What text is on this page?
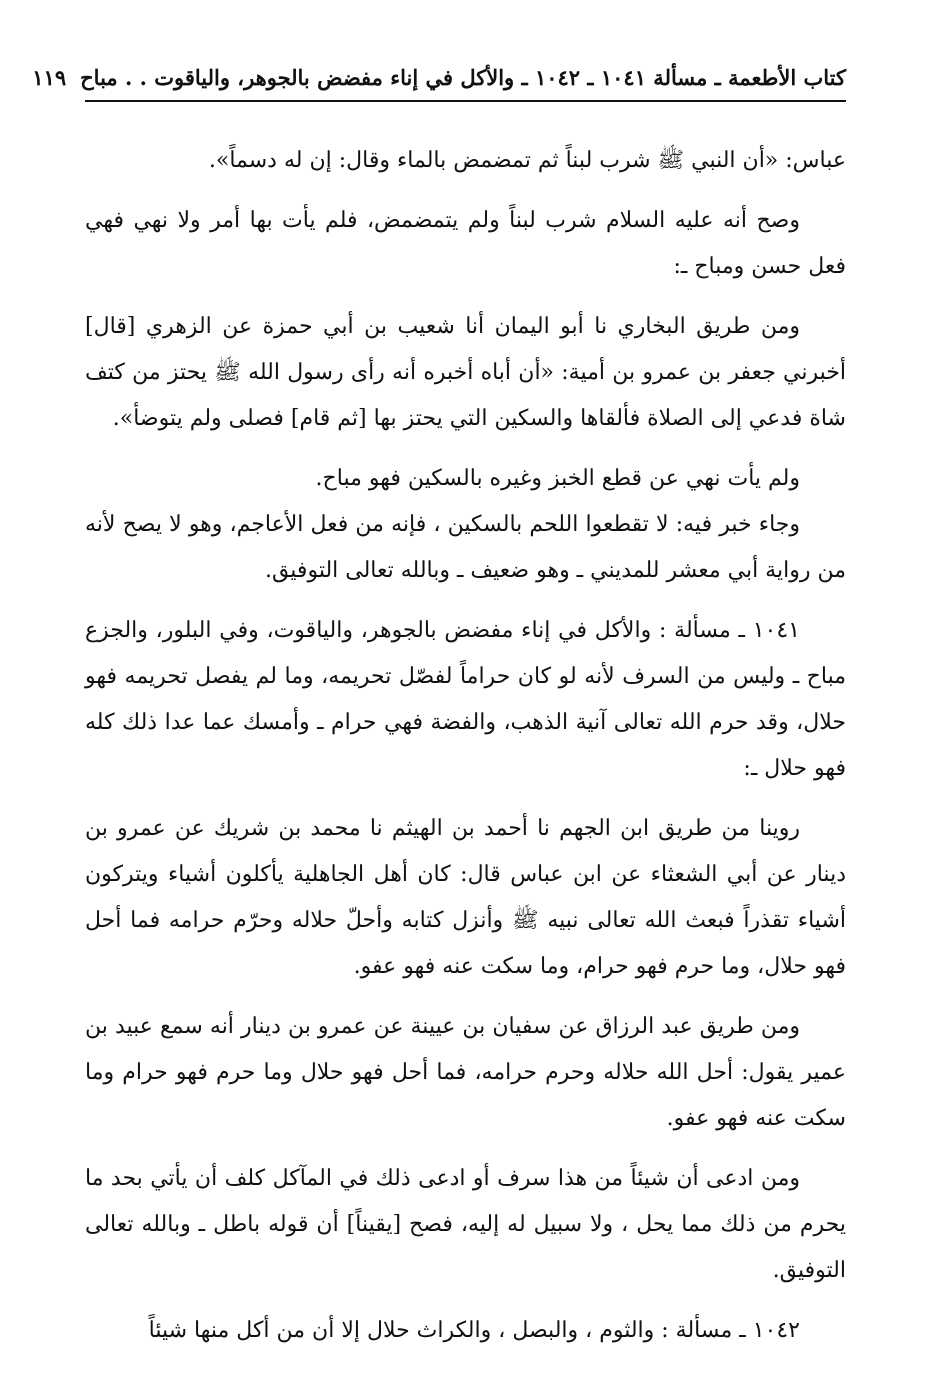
كتاب الأطعمة ـ مسألة ١٠٤١ ـ ١٠٤٢ ـ والأكل في إناء مفضض بالجوهر، والياقوت . . مباح
١١٩

عباس: «أن النبي ﷺ شرب لبناً ثم تمضمض بالماء وقال: إن له دسماً».

وصح أنه عليه السلام شرب لبناً ولم يتمضمض، فلم يأت بها أمر ولا نهي فهي فعل حسن ومباح ـ:

ومن طريق البخاري نا أبو اليمان أنا شعيب بن أبي حمزة عن الزهري [قال] أخبرني جعفر بن عمرو بن أمية: «أن أباه أخبره أنه رأى رسول الله ﷺ يحتز من كتف شاة فدعي إلى الصلاة فألقاها والسكين التي يحتز بها [ثم قام] فصلى ولم يتوضأ».

ولم يأت نهي عن قطع الخبز وغيره بالسكين فهو مباح.

وجاء خبر فيه: لا تقطعوا اللحم بالسكين ، فإنه من فعل الأعاجم، وهو لا يصح لأنه من رواية أبي معشر للمديني ـ وهو ضعيف ـ وبالله تعالى التوفيق.

١٠٤١ ـ مسألة : والأكل في إناء مفضض بالجوهر، والياقوت، وفي البلور، والجزع مباح ـ وليس من السرف لأنه لو كان حراماً لفصّل تحريمه، وما لم يفصل تحريمه فهو حلال، وقد حرم الله تعالى آنية الذهب، والفضة فهي حرام ـ وأمسك عما عدا ذلك كله فهو حلال ـ:

روينا من طريق ابن الجهم نا أحمد بن الهيثم نا محمد بن شريك عن عمرو بن دينار عن أبي الشعثاء عن ابن عباس قال: كان أهل الجاهلية يأكلون أشياء ويتركون أشياء تقذراً فبعث الله تعالى نبيه ﷺ وأنزل كتابه وأحلّ حلاله وحرّم حرامه فما أحل فهو حلال، وما حرم فهو حرام، وما سكت عنه فهو عفو.

ومن طريق عبد الرزاق عن سفيان بن عيينة عن عمرو بن دينار أنه سمع عبيد بن عمير يقول: أحل الله حلاله وحرم حرامه، فما أحل فهو حلال وما حرم فهو حرام وما سكت عنه فهو عفو.

ومن ادعى أن شيئاً من هذا سرف أو ادعى ذلك في المآكل كلف أن يأتي بحد ما يحرم من ذلك مما يحل ، ولا سبيل له إليه، فصح [يقيناً] أن قوله باطل ـ وبالله تعالى التوفيق.

١٠٤٢ ـ مسألة : والثوم ، والبصل ، والكراث حلال إلا أن من أكل منها شيئاً
